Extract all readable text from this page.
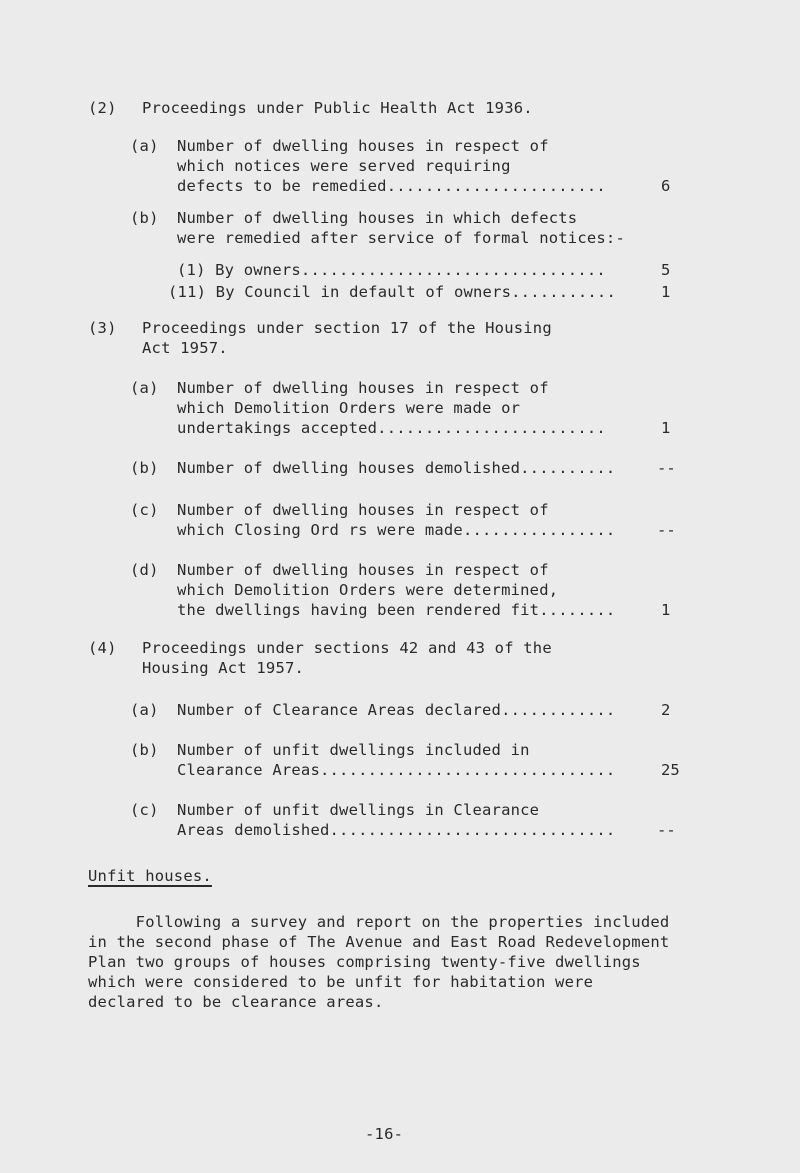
(2) Proceedings under Public Health Act 1936.
(a) Number of dwelling houses in respect of
which notices were served requiring
defects to be remedied.......................	6
(b) Number of dwelling houses in which defects
were remedied after service of formal notices:-
(1) By owners................................	5
(11) By Council in default of owners...........	1
(3) Proceedings under section 17 of the Housing
Act 1957.
(a) Number of dwelling houses in respect of
which Demolition Orders were made or
undertakings accepted........................	1
(b) Number of dwelling houses demolished..........	--
(c) Number of dwelling houses in respect of
which Closing Ord rs were made................	--
(d) Number of dwelling houses in respect of
which Demolition Orders were determined,
the dwellings having been rendered fit........	1
(4) Proceedings under sections 42 and 43 of the
Housing Act 1957.
(a) Number of Clearance Areas declared............	2
(b) Number of unfit dwellings included in
Clearance Areas...............................	25
(c) Number of unfit dwellings in Clearance
Areas demolished..............................	--
Unfit houses.
Following a survey and report on the properties included
in the second phase of The Avenue and East Road Redevelopment
Plan two groups of houses comprising twenty-five dwellings
which were considered to be unfit for habitation were
declared to be clearance areas.
-16-
